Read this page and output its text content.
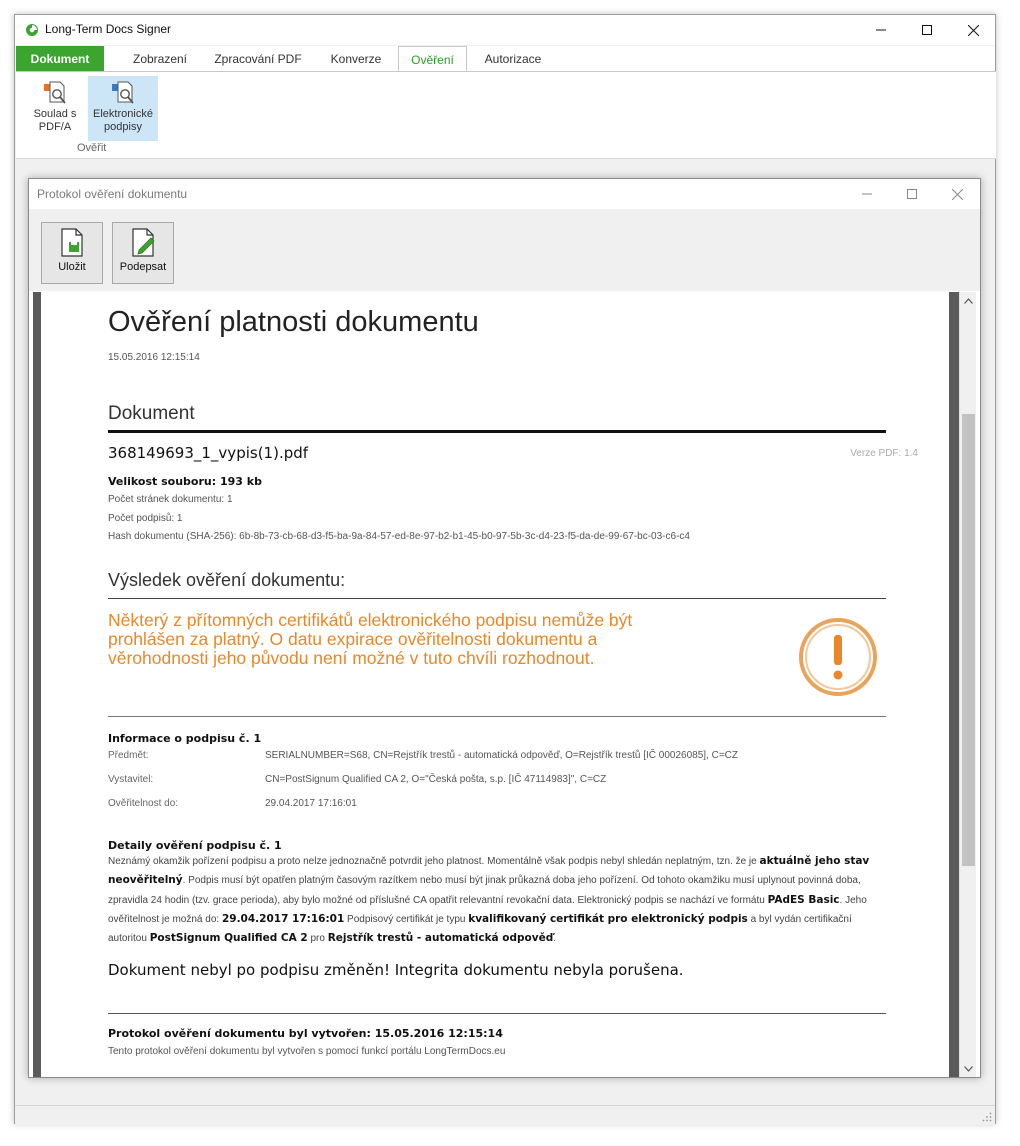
Long-Term Docs Signer
Dokument	Zobrazení	Zpracování PDF	Konverze	Ověření	Autorizace
Soulad s
PDF/A
Elektronické
podpisy
Ověřit
Protokol ověření dokumentu
Uložit	Podepsat
Ověření platnosti dokumentu
15.05.2016 12:15:14
Dokument
368149693_1_vypis(1).pdf	Verze PDF: 1.4
Velikost souboru: 193 kb
Počet stránek dokumentu: 1
Počet podpisů: 1
Hash dokumentu (SHA-256): 6b-8b-73-cb-68-d3-f5-ba-9a-84-57-ed-8e-97-b2-b1-45-b0-97-5b-3c-d4-23-f5-da-de-99-67-bc-03-c6-c4
Výsledek ověření dokumentu:
Některý z přítomných certifikátů elektronického podpisu nemůže být
prohlášen za platný. O datu expirace ověřitelnosti dokumentu a
věrohodnosti jeho původu není možné v tuto chvíli rozhodnout.
Informace o podpisu č. 1
Předmět:	SERIALNUMBER=S68, CN=Rejstřík trestů - automatická odpověď, O=Rejstřík trestů [IČ 00026085], C=CZ
Vystavitel:	CN=PostSignum Qualified CA 2, O="Česká pošta, s.p. [IČ 47114983]", C=CZ
Ověřitelnost do:	29.04.2017 17:16:01
Detaily ověření podpisu č. 1
Neznámý okamžik pořízení podpisu a proto nelze jednoznačně potvrdit jeho platnost. Momentálně však podpis nebyl shledán neplatným, tzn. že je aktuálně jeho stav neověřitelný. Podpis musí být opatřen platným časovým razítkem nebo musí být jinak průkazná doba jeho pořízení. Od tohoto okamžiku musí uplynout povinná doba, zpravidla 24 hodin (tzv. grace perioda), aby bylo možné od příslušné CA opatřit relevantní revokační data. Elektronický podpis se nachází ve formátu PAdES Basic. Jeho ověřitelnost je možná do: 29.04.2017 17:16:01 Podpisový certifikát je typu kvalifikovaný certifikát pro elektronický podpis a byl vydán certifikační autoritou PostSignum Qualified CA 2 pro Rejstřík trestů - automatická odpověď.
Dokument nebyl po podpisu změněn! Integrita dokumentu nebyla porušena.
Protokol ověření dokumentu byl vytvořen: 15.05.2016 12:15:14
Tento protokol ověření dokumentu byl vytvořen s pomocí funkcí portálu LongTermDocs.eu
